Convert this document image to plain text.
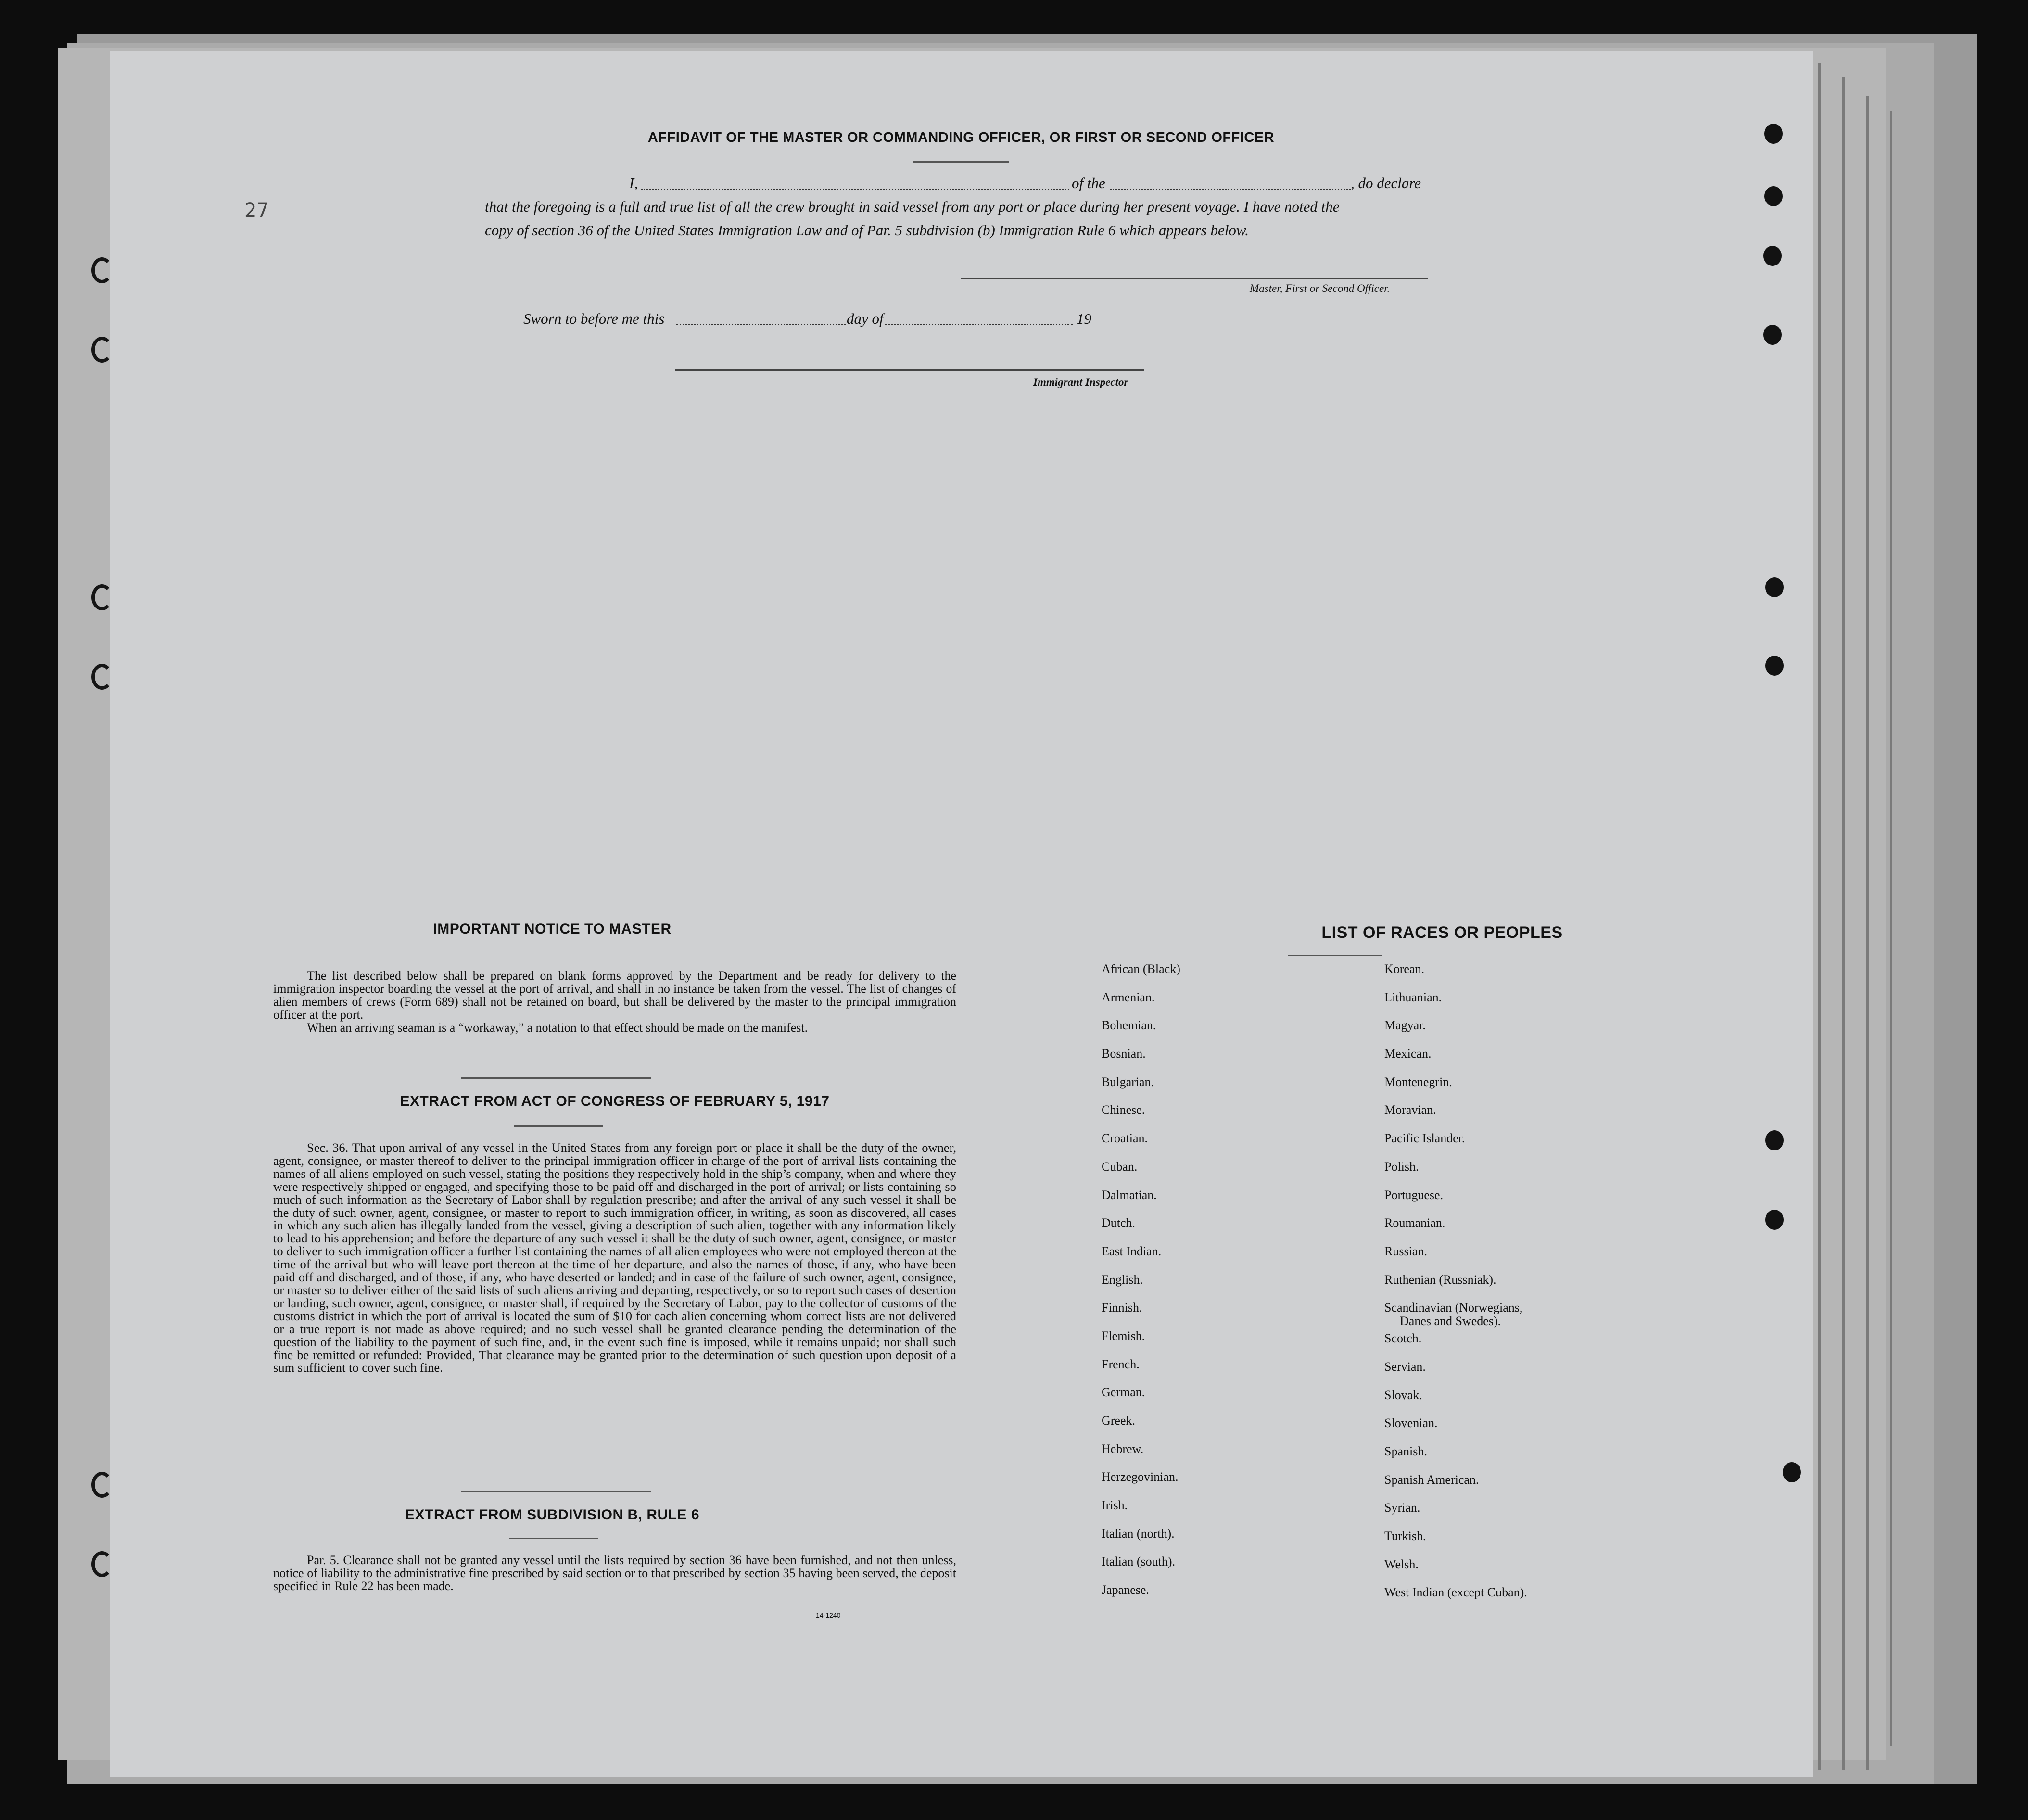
27
AFFIDAVIT OF THE MASTER OR COMMANDING OFFICER, OR FIRST OR SECOND OFFICER
I,	of the	, do declare
that the foregoing is a full and true list of all the crew brought in said vessel from any port or place during her present voyage. I have noted the
copy of section 36 of the United States Immigration Law and of Par. 5 subdivision (b) Immigration Rule 6 which appears below.
Master, First or Second Officer.
Sworn to before me this	day of	19
Immigrant Inspector
IMPORTANT NOTICE TO MASTER
The list described below shall be prepared on blank forms approved by the Department and be ready for delivery to the immigration inspector boarding the vessel at the port of arrival, and shall in no instance be taken from the vessel. The list of changes of alien members of crews (Form 689) shall not be retained on board, but shall be delivered by the master to the principal immigration officer at the port.
When an arriving seaman is a “workaway,” a notation to that effect should be made on the manifest.
EXTRACT FROM ACT OF CONGRESS OF FEBRUARY 5, 1917
Sec. 36. That upon arrival of any vessel in the United States from any foreign port or place it shall be the duty of the owner, agent, consignee, or master thereof to deliver to the principal immigration officer in charge of the port of arrival lists containing the names of all aliens employed on such vessel, stating the positions they respectively hold in the ship’s company, when and where they were respectively shipped or engaged, and specifying those to be paid off and discharged in the port of arrival; or lists containing so much of such information as the Secretary of Labor shall by regulation prescribe; and after the arrival of any such vessel it shall be the duty of such owner, agent, consignee, or master to report to such immigration officer, in writing, as soon as discovered, all cases in which any such alien has illegally landed from the vessel, giving a description of such alien, together with any information likely to lead to his apprehension; and before the departure of any such vessel it shall be the duty of such owner, agent, consignee, or master to deliver to such immigration officer a further list containing the names of all alien employees who were not employed thereon at the time of the arrival but who will leave port thereon at the time of her departure, and also the names of those, if any, who have been paid off and discharged, and of those, if any, who have deserted or landed; and in case of the failure of such owner, agent, consignee, or master so to deliver either of the said lists of such aliens arriving and departing, respectively, or so to report such cases of desertion or landing, such owner, agent, consignee, or master shall, if required by the Secretary of Labor, pay to the collector of customs of the customs district in which the port of arrival is located the sum of $10 for each alien concerning whom correct lists are not delivered or a true report is not made as above required; and no such vessel shall be granted clearance pending the determination of the question of the liability to the payment of such fine, and, in the event such fine is imposed, while it remains unpaid; nor shall such fine be remitted or refunded: Provided, That clearance may be granted prior to the determination of such question upon deposit of a sum sufficient to cover such fine.
EXTRACT FROM SUBDIVISION B, RULE 6
Par. 5. Clearance shall not be granted any vessel until the lists required by section 36 have been furnished, and not then unless, notice of liability to the administrative fine prescribed by said section or to that prescribed by section 35 having been served, the deposit specified in Rule 22 has been made.
14-1240
LIST OF RACES OR PEOPLES
African (Black)
Armenian.
Bohemian.
Bosnian.
Bulgarian.
Chinese.
Croatian.
Cuban.
Dalmatian.
Dutch.
East Indian.
English.
Finnish.
Flemish.
French.
German.
Greek.
Hebrew.
Herzegovinian.
Irish.
Italian (north).
Italian (south).
Japanese.
Korean.
Lithuanian.
Magyar.
Mexican.
Montenegrin.
Moravian.
Pacific Islander.
Polish.
Portuguese.
Roumanian.
Russian.
Ruthenian (Russniak).
Scandinavian (Norwegians,
Danes and Swedes).
Scotch.
Servian.
Slovak.
Slovenian.
Spanish.
Spanish American.
Syrian.
Turkish.
Welsh.
West Indian (except Cuban).
